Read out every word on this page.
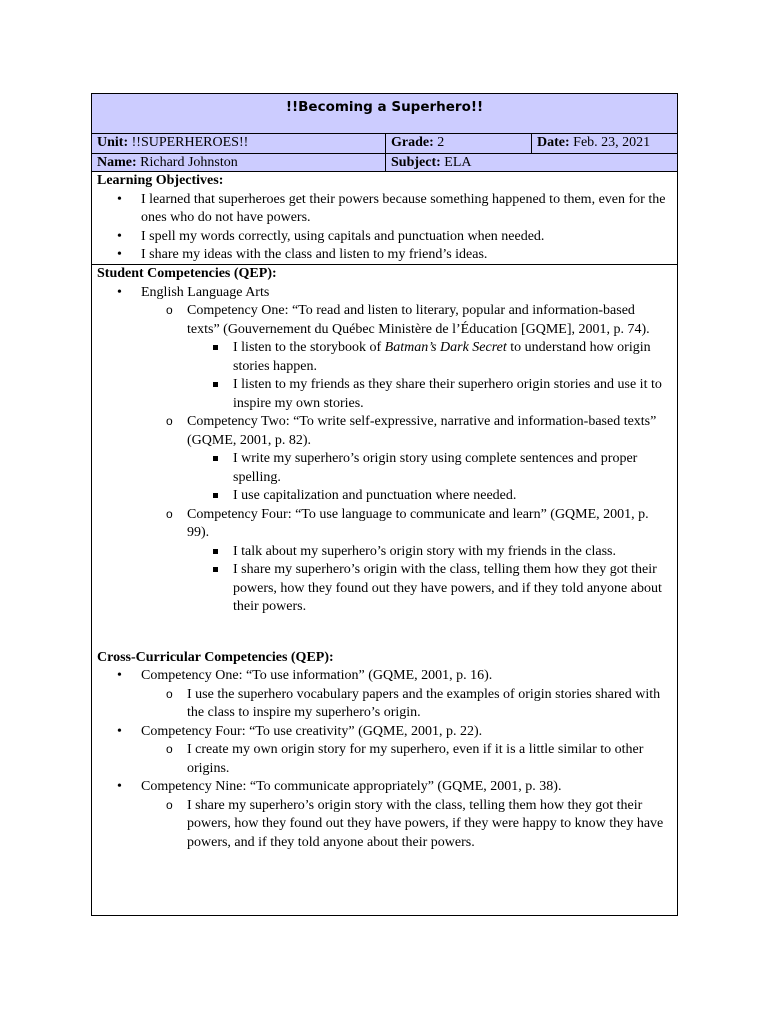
!!Becoming a Superhero!!
Unit: !!SUPERHEROES!!	Grade: 2	Date: Feb. 23, 2021
Name: Richard Johnston	Subject: ELA
Learning Objectives:
• I learned that superheroes get their powers because something happened to them, even for the ones who do not have powers.
• I spell my words correctly, using capitals and punctuation when needed.
• I share my ideas with the class and listen to my friend’s ideas.
Student Competencies (QEP):
• English Language Arts
o Competency One: “To read and listen to literary, popular and information-based texts” (Gouvernement du Québec Ministère de l’Éducation [GQME], 2001, p. 74).
I listen to the storybook of Batman’s Dark Secret to understand how origin stories happen.
I listen to my friends as they share their superhero origin stories and use it to inspire my own stories.
o Competency Two: “To write self-expressive, narrative and information-based texts” (GQME, 2001, p. 82).
I write my superhero’s origin story using complete sentences and proper spelling.
I use capitalization and punctuation where needed.
o Competency Four: “To use language to communicate and learn” (GQME, 2001, p. 99).
I talk about my superhero’s origin story with my friends in the class.
I share my superhero’s origin with the class, telling them how they got their powers, how they found out they have powers, and if they told anyone about their powers.
Cross-Curricular Competencies (QEP):
• Competency One: “To use information” (GQME, 2001, p. 16).
o I use the superhero vocabulary papers and the examples of origin stories shared with the class to inspire my superhero’s origin.
• Competency Four: “To use creativity” (GQME, 2001, p. 22).
o I create my own origin story for my superhero, even if it is a little similar to other origins.
• Competency Nine: “To communicate appropriately” (GQME, 2001, p. 38).
o I share my superhero’s origin story with the class, telling them how they got their powers, how they found out they have powers, if they were happy to know they have powers, and if they told anyone about their powers.
